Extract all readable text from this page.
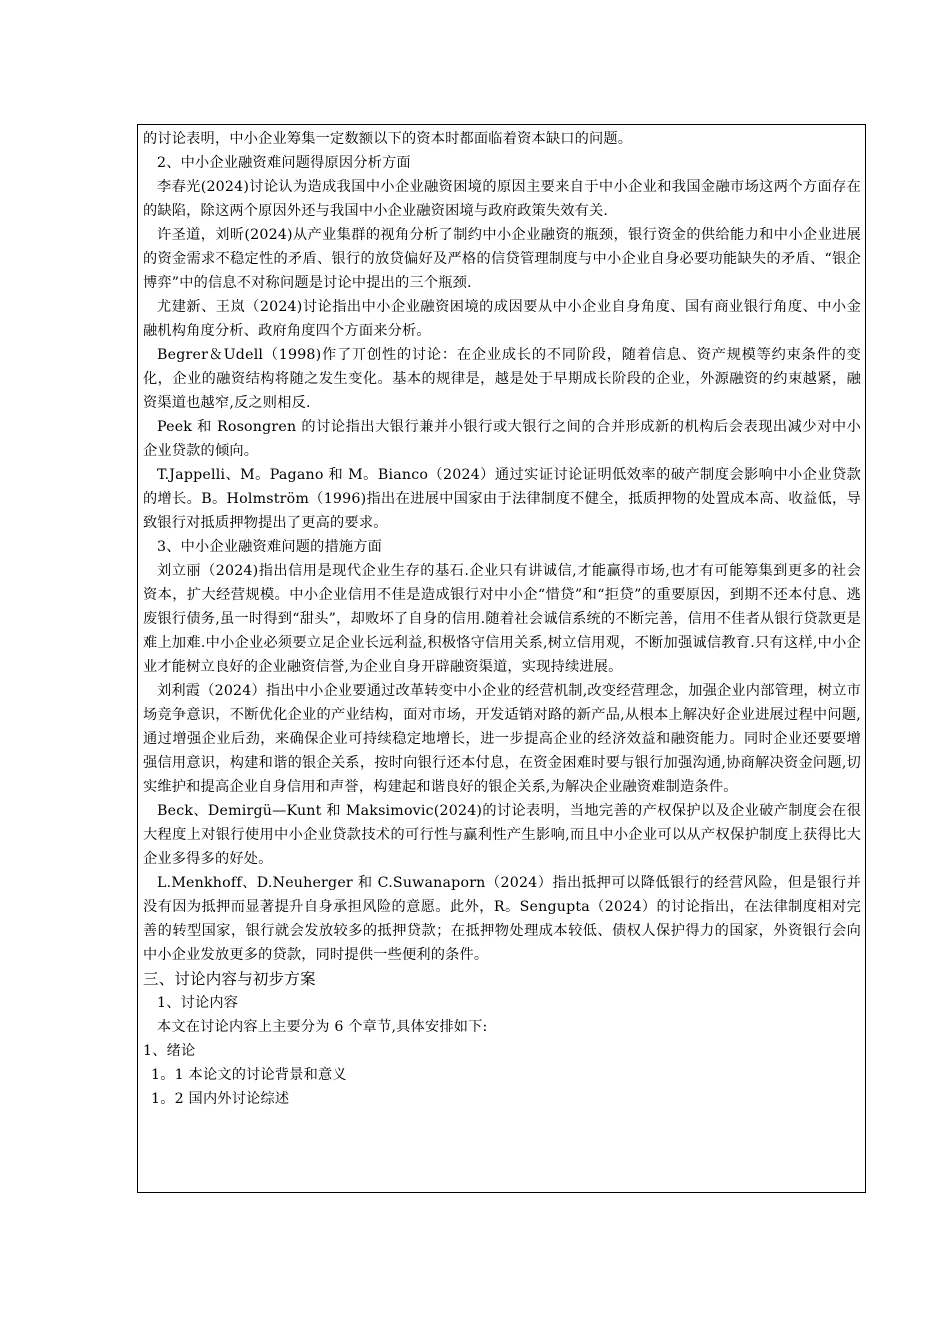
的讨论表明，中小企业筹集一定数额以下的资本时都面临着资本缺口的问题。

2、中小企业融资难问题得原因分析方面

李春光(2024)讨论认为造成我国中小企业融资困境的原因主要来自于中小企业和我国金融市场这两个方面存在的缺陷，除这两个原因外还与我国中小企业融资困境与政府政策失效有关.

许圣道，刘昕(2024)从产业集群的视角分析了制约中小企业融资的瓶颈，银行资金的供给能力和中小企业进展的资金需求不稳定性的矛盾、银行的放贷偏好及严格的信贷管理制度与中小企业自身必要功能缺失的矛盾、“银企博弈”中的信息不对称问题是讨论中提出的三个瓶颈.

尤建新、王岚（2024)讨论指出中小企业融资困境的成因要从中小企业自身角度、国有商业银行角度、中小金融机构角度分析、政府角度四个方面来分析。

Begrer＆Udell（1998)作了丌创性的讨论：在企业成长的不同阶段，随着信息、资产规模等约束条件的变化，企业的融资结构将随之发生变化。基本的规律是，越是处于早期成长阶段的企业，外源融资的约束越紧，融资渠道也越窄,反之则相反.

Peek 和 Rosongren 的讨论指出大银行兼并小银行或大银行之间的合并形成新的机构后会表现出减少对中小企业贷款的倾向。

T.Jappelli、M。Pagano 和 M。Bianco（2024）通过实证讨论证明低效率的破产制度会影响中小企业贷款的增长。B。Holmström（1996)指出在进展中国家由于法律制度不健全，抵质押物的处置成本高、收益低，导致银行对抵质押物提出了更高的要求。

3、中小企业融资难问题的措施方面

刘立丽（2024)指出信用是现代企业生存的基石.企业只有讲诚信,才能赢得市场,也才有可能筹集到更多的社会资本，扩大经营规模。中小企业信用不佳是造成银行对中小企“惜贷”和“拒贷”的重要原因，到期不还本付息、逃废银行债务,虽一时得到“甜头”，却败坏了自身的信用.随着社会诚信系统的不断完善，信用不佳者从银行贷款更是难上加难.中小企业必须要立足企业长远利益,积极恪守信用关系,树立信用观，不断加强诚信教育.只有这样,中小企业才能树立良好的企业融资信誉,为企业自身开辟融资渠道，实现持续进展。

刘利霞（2024）指出中小企业要通过改革转变中小企业的经营机制,改变经营理念，加强企业内部管理，树立市场竞争意识，不断优化企业的产业结构，面对市场，开发适销对路的新产品,从根本上解决好企业进展过程中问题,通过增强企业后劲，来确保企业可持续稳定地增长，进一步提高企业的经济效益和融资能力。同时企业还要要增强信用意识，构建和谐的银企关系，按时向银行还本付息，在资金困难时要与银行加强沟通,协商解决资金问题,切实维护和提高企业自身信用和声誉，构建起和谐良好的银企关系,为解决企业融资难制造条件。

Beck、Demirgü—Kunt 和 Maksimovic(2024)的讨论表明，当地完善的产权保护以及企业破产制度会在很大程度上对银行使用中小企业贷款技术的可行性与赢利性产生影响,而且中小企业可以从产权保护制度上获得比大企业多得多的好处。

L.Menkhoff、D.Neuherger 和 C.Suwanaporn（2024）指出抵押可以降低银行的经营风险，但是银行并没有因为抵押而显著提升自身承担风险的意愿。此外，R。Sengupta（2024）的讨论指出，在法律制度相对完善的转型国家，银行就会发放较多的抵押贷款；在抵押物处理成本较低、债权人保护得力的国家，外资银行会向中小企业发放更多的贷款，同时提供一些便利的条件。

三、讨论内容与初步方案

1、讨论内容

本文在讨论内容上主要分为 6 个章节,具体安排如下:

1、绪论

1。1 本论文的讨论背景和意义

1。2 国内外讨论综述
